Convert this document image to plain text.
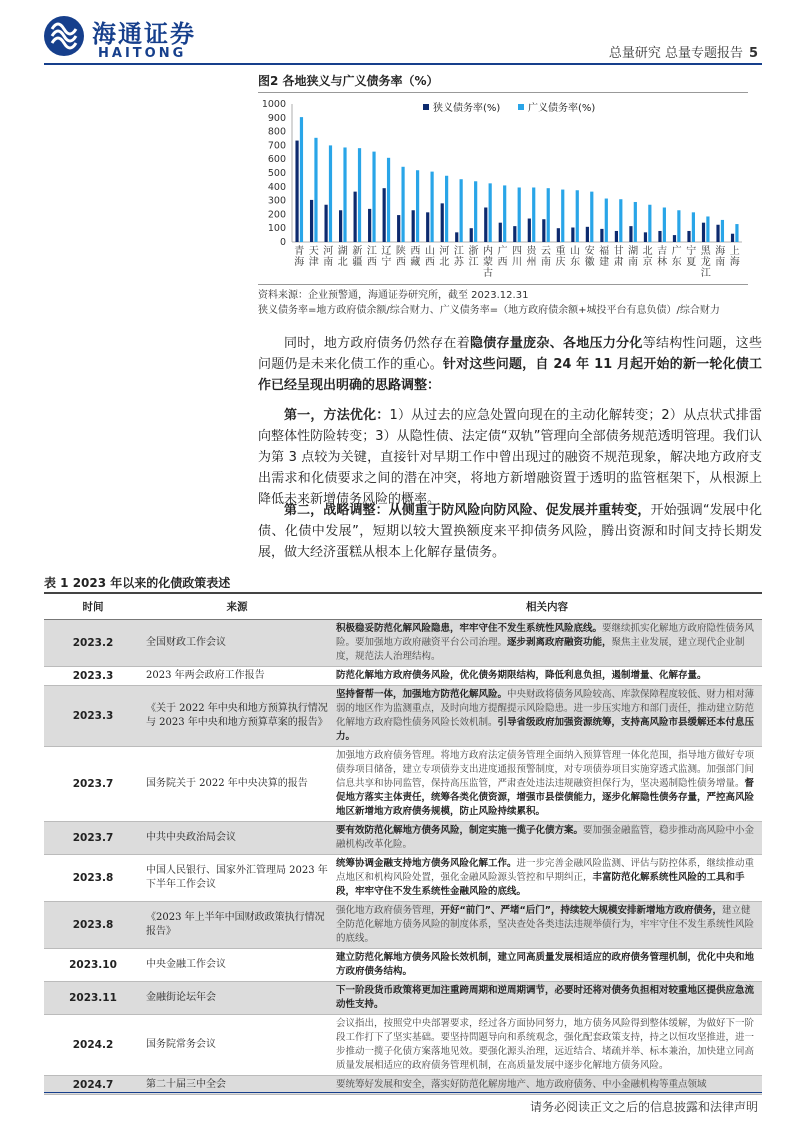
海通证券
HAITONG	总量研究 总量专题报告 5
图2 各地狭义与广义债务率（%）
0
100
200
300
400
500
600
700
800
900
1000
青
海
天
津
河
南
湖
北
新
疆
江
西
辽
宁
陕
西
西
藏
山
西
河
北
江
苏
浙
江
内
蒙
古
广
西
四
川
贵
州
云
南
重
庆
山
东
安
徽
福
建
甘
肃
湖
南
北
京
吉
林
广
东
宁
夏
黑
龙
江
海
南
上
海
狭义债务率(%)	广义债务率(%)
资料来源：企业预警通，海通证券研究所，截至 2023.12.31
狭义债务率=地方政府债余额/综合财力、广义债务率=（地方政府债余额+城投平台有息负债）/综合财力

同时，地方政府债务仍然存在着隐债存量庞杂、各地压力分化等结构性问题，这些问题仍是未来化债工作的重心。针对这些问题，自 24 年 11 月起开始的新一轮化债工作已经呈现出明确的思路调整：

第一，方法优化：1）从过去的应急处置向现在的主动化解转变；2）从点状式排雷向整体性防险转变；3）从隐性债、法定债“双轨”管理向全部债务规范透明管理。我们认为第 3 点较为关键，直接针对早期工作中曾出现过的融资不规范现象，解决地方政府支出需求和化债要求之间的潜在冲突，将地方新增融资置于透明的监管框架下，从根源上降低未来新增债务风险的概率。

第二，战略调整：从侧重于防风险向防风险、促发展并重转变，开始强调“发展中化债、化债中发展”，短期以较大置换额度来平抑债务风险，腾出资源和时间支持长期发展，做大经济蛋糕从根本上化解存量债务。

表 1 2023 年以来的化债政策表述
时间	来源	相关内容
2023.2	全国财政工作会议	积极稳妥防范化解风险隐患，牢牢守住不发生系统性风险底线。要继续抓实化解地方政府隐性债务风险。要加强地方政府融资平台公司治理。逐步剥离政府融资功能，聚焦主业发展，建立现代企业制度，规范法人治理结构。
2023.3	2023 年两会政府工作报告	防范化解地方政府债务风险，优化债务期限结构，降低利息负担，遏制增量、化解存量。
2023.3	《关于 2022 年中央和地方预算执行情况与 2023 年中央和地方预算草案的报告》	坚持督帮一体，加强地方防范化解风险。中央财政将债务风险较高、库款保障程度较低、财力相对薄弱的地区作为监测重点，及时向地方提醒提示风险隐患。进一步压实地方和部门责任，推动建立防范化解地方政府隐性债务风险长效机制。引导省级政府加强资源统筹，支持高风险市县缓解还本付息压力。
2023.7	国务院关于 2022 年中央决算的报告	加强地方政府债务管理。将地方政府法定债务管理全面纳入预算管理一体化范围，指导地方做好专项债券项目储备，建立专项债券支出进度通报预警制度，对专项债券项目实施穿透式监测。加强部门间信息共享和协同监管，保持高压监管，严肃查处违法违规融资担保行为，坚决遏制隐性债务增量。督促地方落实主体责任，统筹各类化债资源，增强市县偿债能力，逐步化解隐性债务存量，严控高风险地区新增地方政府债务规模，防止风险持续累积。
2023.7	中共中央政治局会议	要有效防范化解地方债务风险，制定实施一揽子化债方案。要加强金融监管，稳步推动高风险中小金融机构改革化险。
2023.8	中国人民银行、国家外汇管理局 2023 年下半年工作会议	统筹协调金融支持地方债务风险化解工作。进一步完善金融风险监测、评估与防控体系，继续推动重点地区和机构风险处置，强化金融风险源头管控和早期纠正，丰富防范化解系统性风险的工具和手段，牢牢守住不发生系统性金融风险的底线。
2023.8	《2023 年上半年中国财政政策执行情况报告》	强化地方政府债务管理，开好“前门”、严堵“后门”，持续较大规模安排新增地方政府债务，建立健全防范化解地方债务风险的制度体系，坚决查处各类违法违规举债行为，牢牢守住不发生系统性风险的底线。
2023.10	中央金融工作会议	建立防范化解地方债务风险长效机制，建立同高质量发展相适应的政府债务管理机制，优化中央和地方政府债务结构。
2023.11	金融街论坛年会	下一阶段货币政策将更加注重跨周期和逆周期调节，必要时还将对债务负担相对较重地区提供应急流动性支持。
2024.2	国务院常务会议	会议指出，按照党中央部署要求，经过各方面协同努力，地方债务风险得到整体缓解，为做好下一阶段工作打下了坚实基础。要坚持問题导向和系统观念，强化配套政策支持，持之以恒攻坚推进，进一步推动一揽子化债方案落地见效。要强化源头治理，远近结合、堵疏并举、标本兼治，加快建立同高质量发展相适应的政府债务管理机制，在高质量发展中逐步化解地方债务风险。
2024.7	第二十届三中全会	要统筹好发展和安全，落实好防范化解房地产、地方政府债务、中小金融机构等重点领域
请务必阅读正文之后的信息披露和法律声明
